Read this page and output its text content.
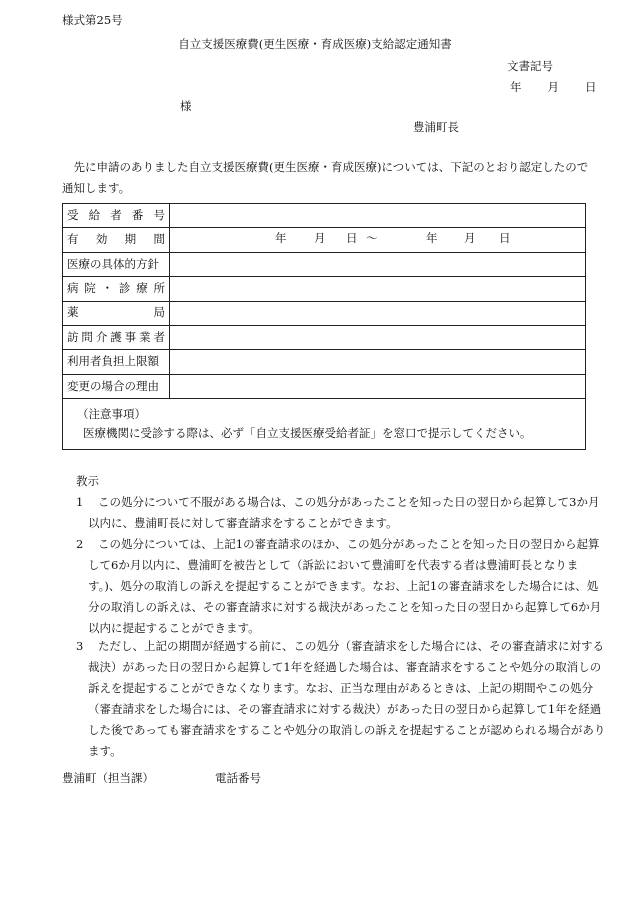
様式第25号
自立支援医療費(更生医療・育成医療)支給認定通知書
文書記号
年 月 日
様
豊浦町長
先に申請のありました自立支援医療費(更生医療・育成医療)については、下記のとおり認定したので通知します。
受給者番号
有効期間	年 月 日 ～	年 月 日
医療の具体的方針
病院・診療所
薬局
訪問介護事業者
利用者負担上限額
変更の場合の理由
（注意事項）
医療機関に受診する際は、必ず「自立支援医療受給者証」を窓口で提示してください。
教示
1 この処分について不服がある場合は、この処分があったことを知った日の翌日から起算して3か月以内に、豊浦町長に対して審査請求をすることができます。
2 この処分については、上記1の審査請求のほか、この処分があったことを知った日の翌日から起算して6か月以内に、豊浦町を被告として（訴訟において豊浦町を代表する者は豊浦町長となります。)、処分の取消しの訴えを提起することができます。なお、上記1の審査請求をした場合には、処分の取消しの訴えは、その審査請求に対する裁決があったことを知った日の翌日から起算して6か月以内に提起することができます。
3 ただし、上記の期間が経過する前に、この処分（審査請求をした場合には、その審査請求に対する裁決）があった日の翌日から起算して1年を経過した場合は、審査請求をすることや処分の取消しの訴えを提起することができなくなります。なお、正当な理由があるときは、上記の期間やこの処分（審査請求をした場合には、その審査請求に対する裁決）があった日の翌日から起算して1年を経過した後であっても審査請求をすることや処分の取消しの訴えを提起することが認められる場合があります。
豊浦町（担当課）	電話番号
